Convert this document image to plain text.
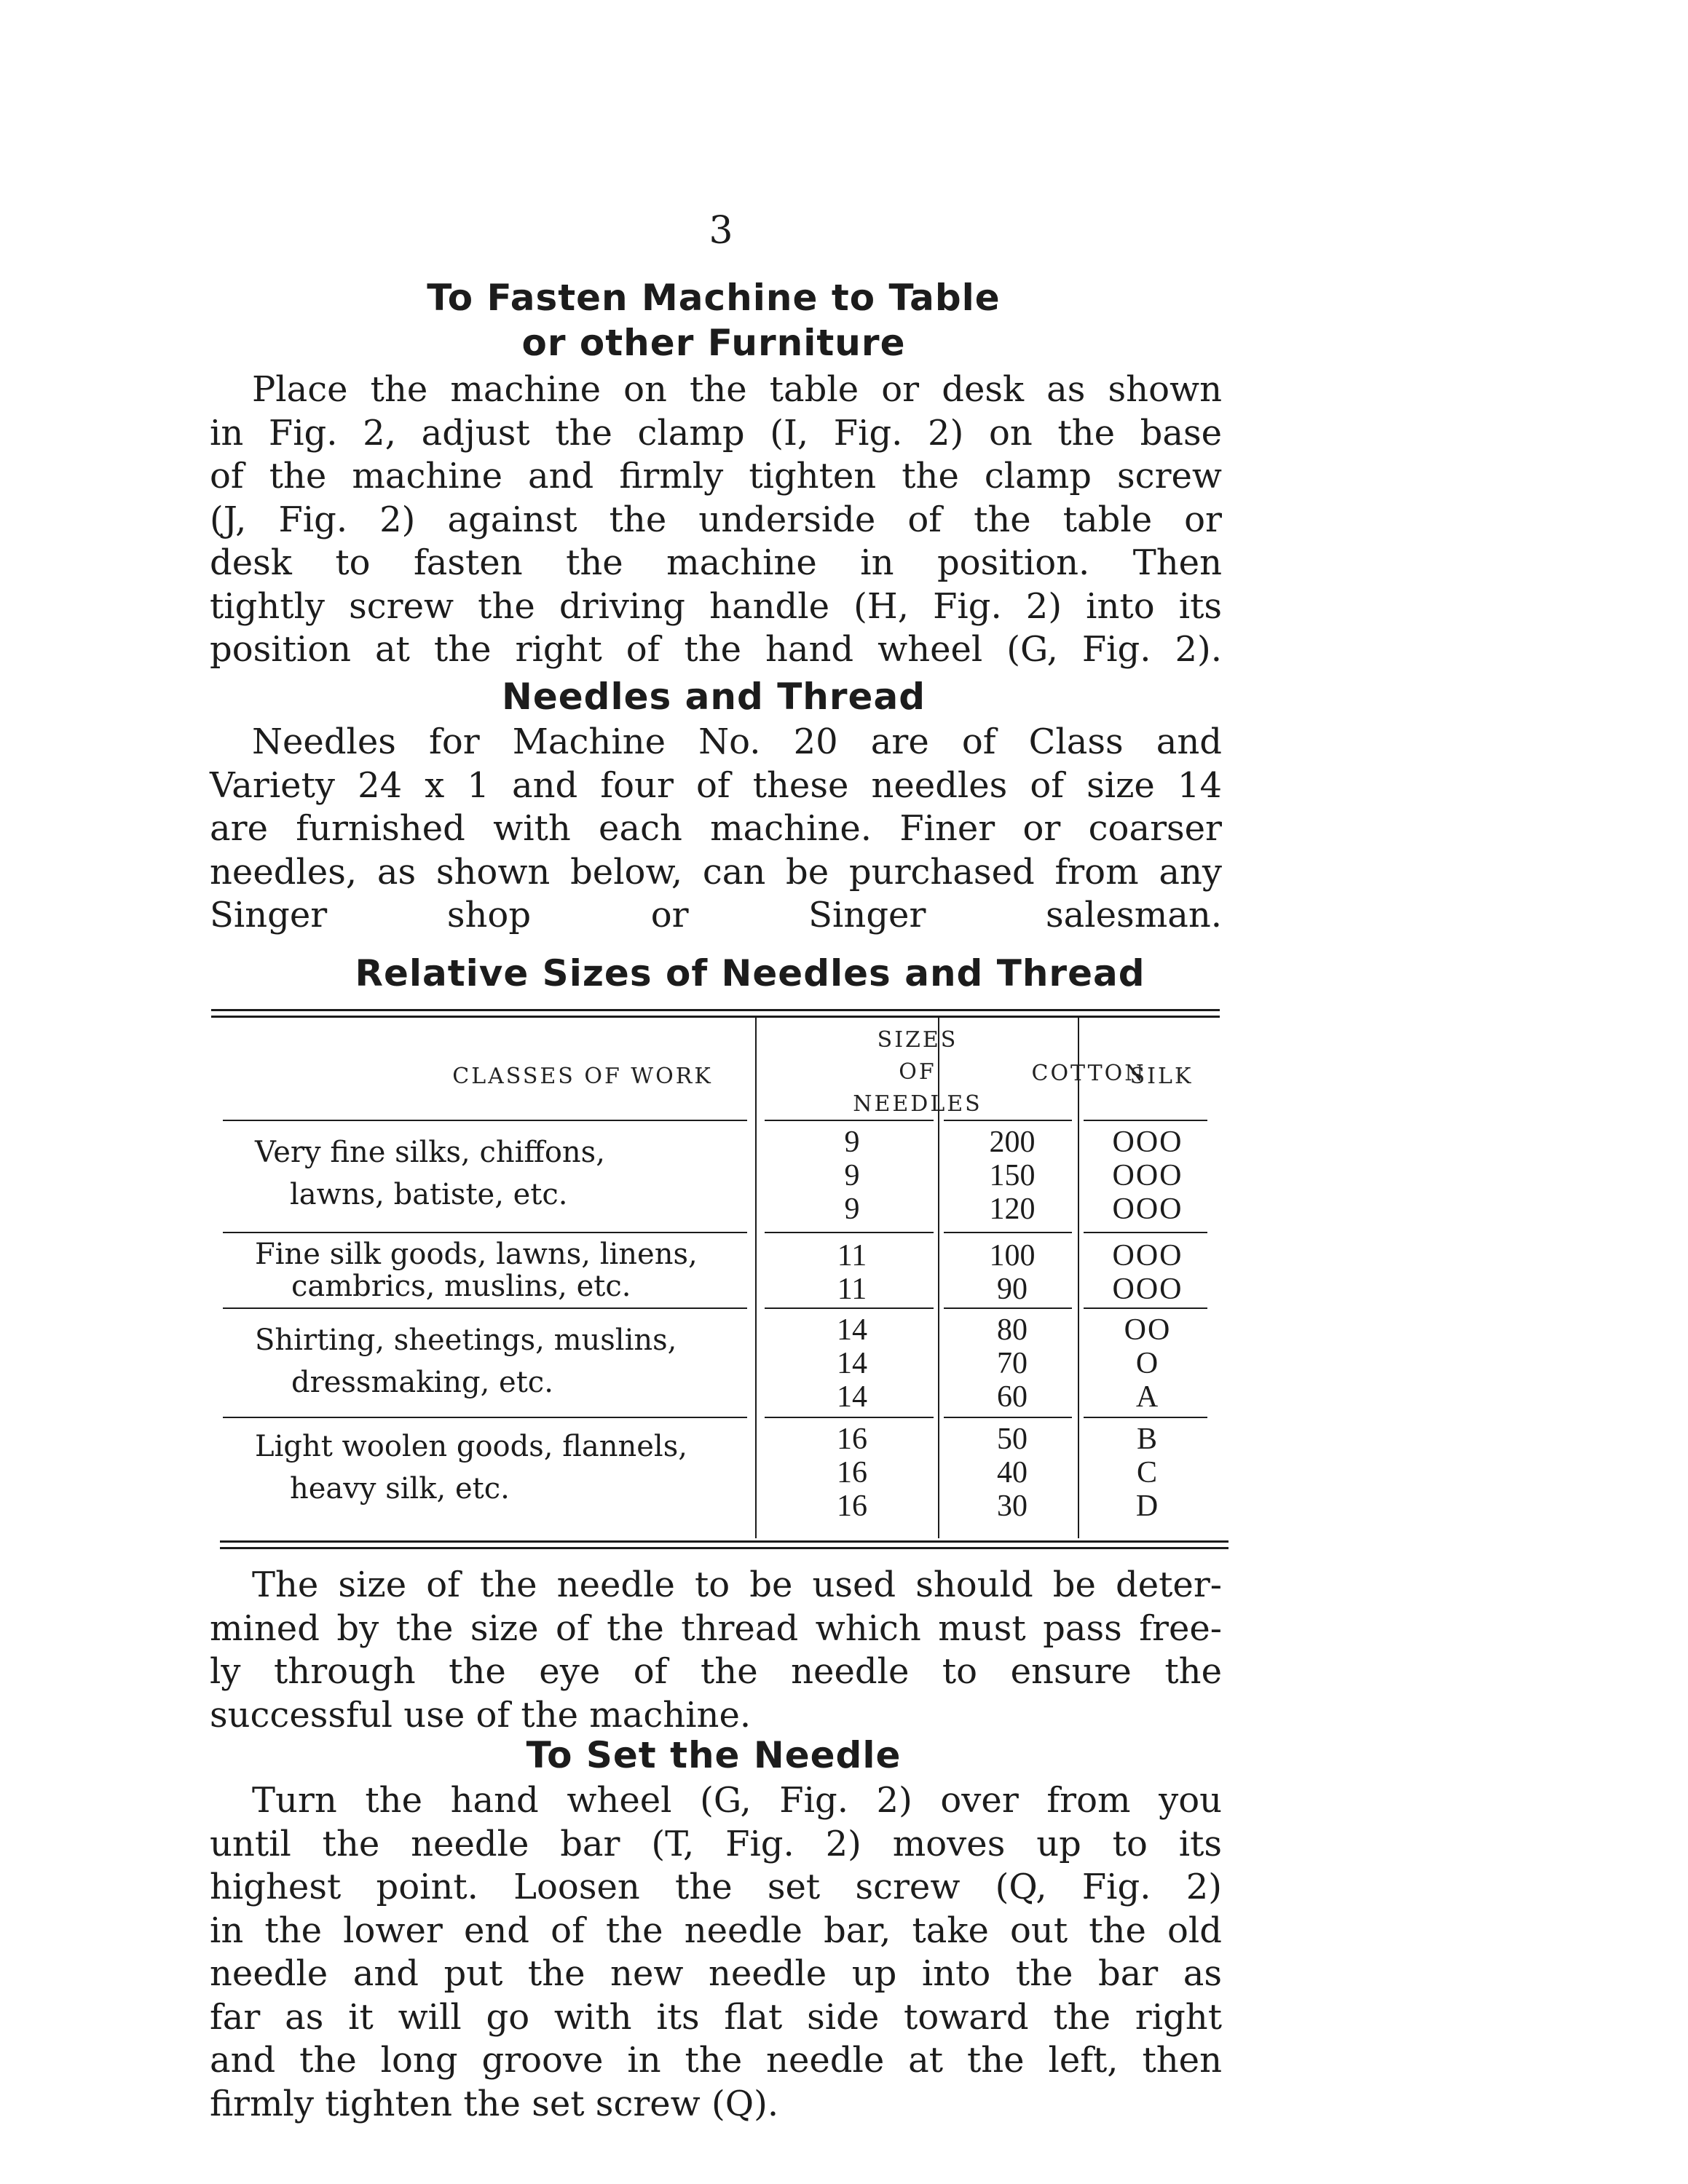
3
To Fasten Machine to Table
or other Furniture
Place the machine on the table or desk as shown
in Fig. 2, adjust the clamp (I, Fig. 2) on the base
of the machine and firmly tighten the clamp screw
(J, Fig. 2) against the underside of the table or
desk to fasten the machine in position. Then
tightly screw the driving handle (H, Fig. 2) into its
position at the right of the hand wheel (G, Fig. 2).
Needles and Thread
Needles for Machine No. 20 are of Class and
Variety 24 x 1 and four of these needles of size 14
are furnished with each machine. Finer or coarser
needles, as shown below, can be purchased from any
Singer shop or Singer salesman.
Relative Sizes of Needles and Thread
CLASSES OF WORK
SIZES
OF
NEEDLES
COTTON
SILK
Very fine silks, chiffons,
lawns, batiste, etc.
9
9
9
200
150
120
OOO
OOO
OOO
Fine silk goods, lawns, linens,
cambrics, muslins, etc.
11
11
100
90
OOO
OOO
Shirting, sheetings, muslins,
dressmaking, etc.
14
14
14
80
70
60
OO
O
A
Light woolen goods, flannels,
heavy silk, etc.
16
16
16
50
40
30
B
C
D
The size of the needle to be used should be deter-
mined by the size of the thread which must pass free-
ly through the eye of the needle to ensure the
successful use of the machine.
To Set the Needle
Turn the hand wheel (G, Fig. 2) over from you
until the needle bar (T, Fig. 2) moves up to its
highest point. Loosen the set screw (Q, Fig. 2)
in the lower end of the needle bar, take out the old
needle and put the new needle up into the bar as
far as it will go with its flat side toward the right
and the long groove in the needle at the left, then
firmly tighten the set screw (Q).
